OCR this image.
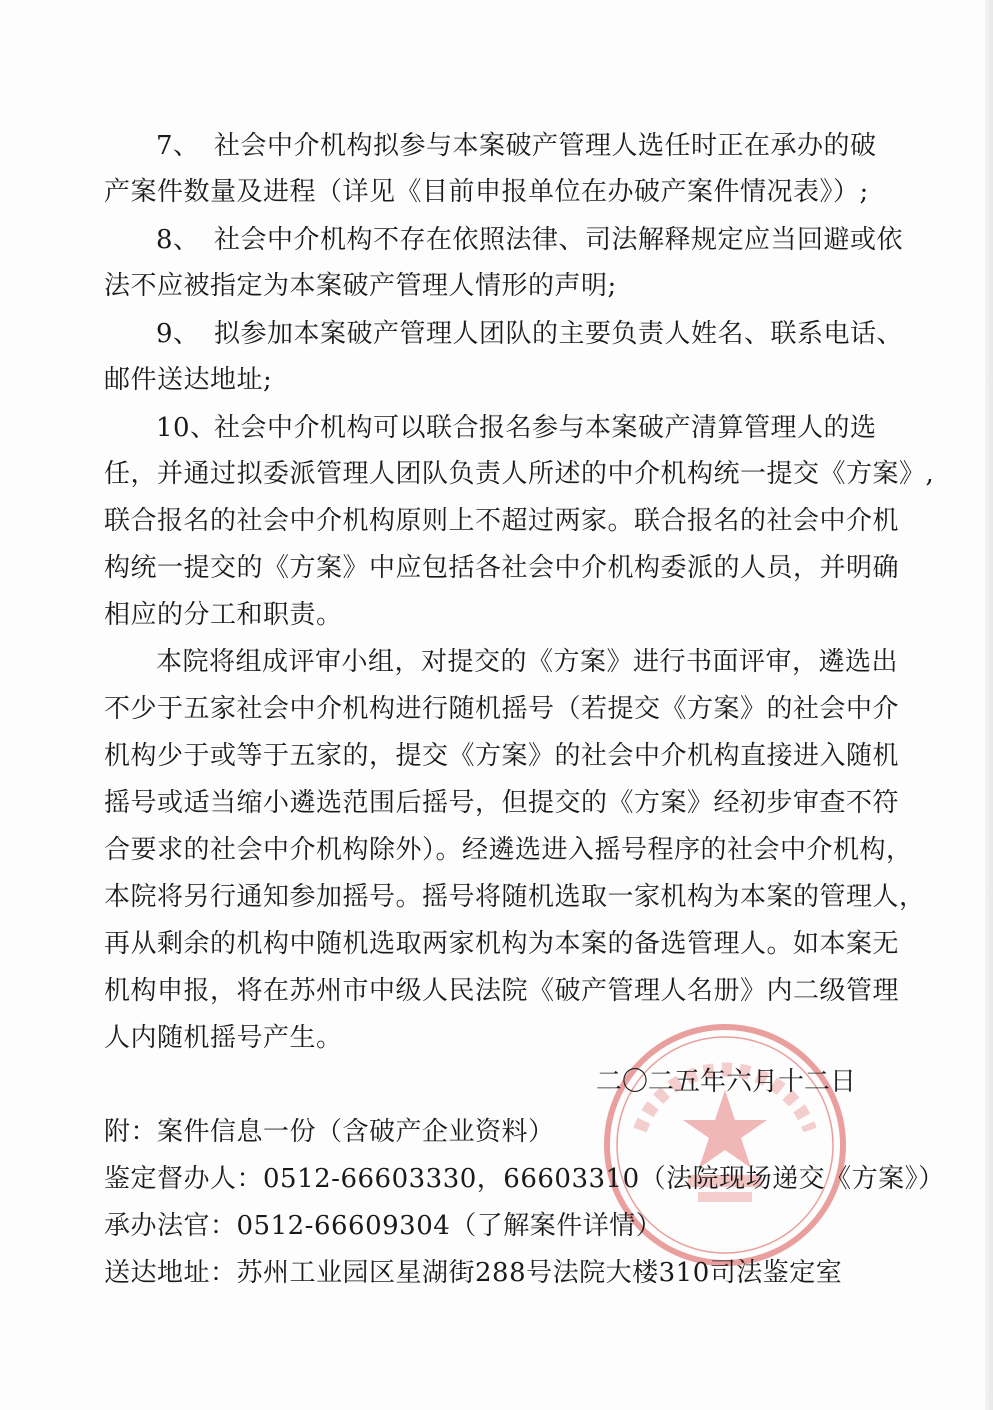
7、 社会中介机构拟参与本案破产管理人选任时正在承办的破
产案件数量及进程（详见《目前申报单位在办破产案件情况表》）;
8、 社会中介机构不存在依照法律、司法解释规定应当回避或依
法不应被指定为本案破产管理人情形的声明;
9、 拟参加本案破产管理人团队的主要负责人姓名、联系电话、
邮件送达地址;
10、社会中介机构可以联合报名参与本案破产清算管理人的选
任，并通过拟委派管理人团队负责人所述的中介机构统一提交《方案》,
联合报名的社会中介机构原则上不超过两家。联合报名的社会中介机
构统一提交的《方案》中应包括各社会中介机构委派的人员，并明确
相应的分工和职责。
本院将组成评审小组，对提交的《方案》进行书面评审，遴选出
不少于五家社会中介机构进行随机摇号（若提交《方案》的社会中介
机构少于或等于五家的，提交《方案》的社会中介机构直接进入随机
摇号或适当缩小遴选范围后摇号，但提交的《方案》经初步审查不符
合要求的社会中介机构除外）。经遴选进入摇号程序的社会中介机构，
本院将另行通知参加摇号。摇号将随机选取一家机构为本案的管理人，
再从剩余的机构中随机选取两家机构为本案的备选管理人。如本案无
机构申报，将在苏州市中级人民法院《破产管理人名册》内二级管理
人内随机摇号产生。
二〇二五年六月十二日
附：案件信息一份（含破产企业资料）
鉴定督办人：0512-66603330，66603310（法院现场递交《方案》）
承办法官：0512-66609304（了解案件详情）
送达地址：苏州工业园区星湖街288号法院大楼310司法鉴定室
